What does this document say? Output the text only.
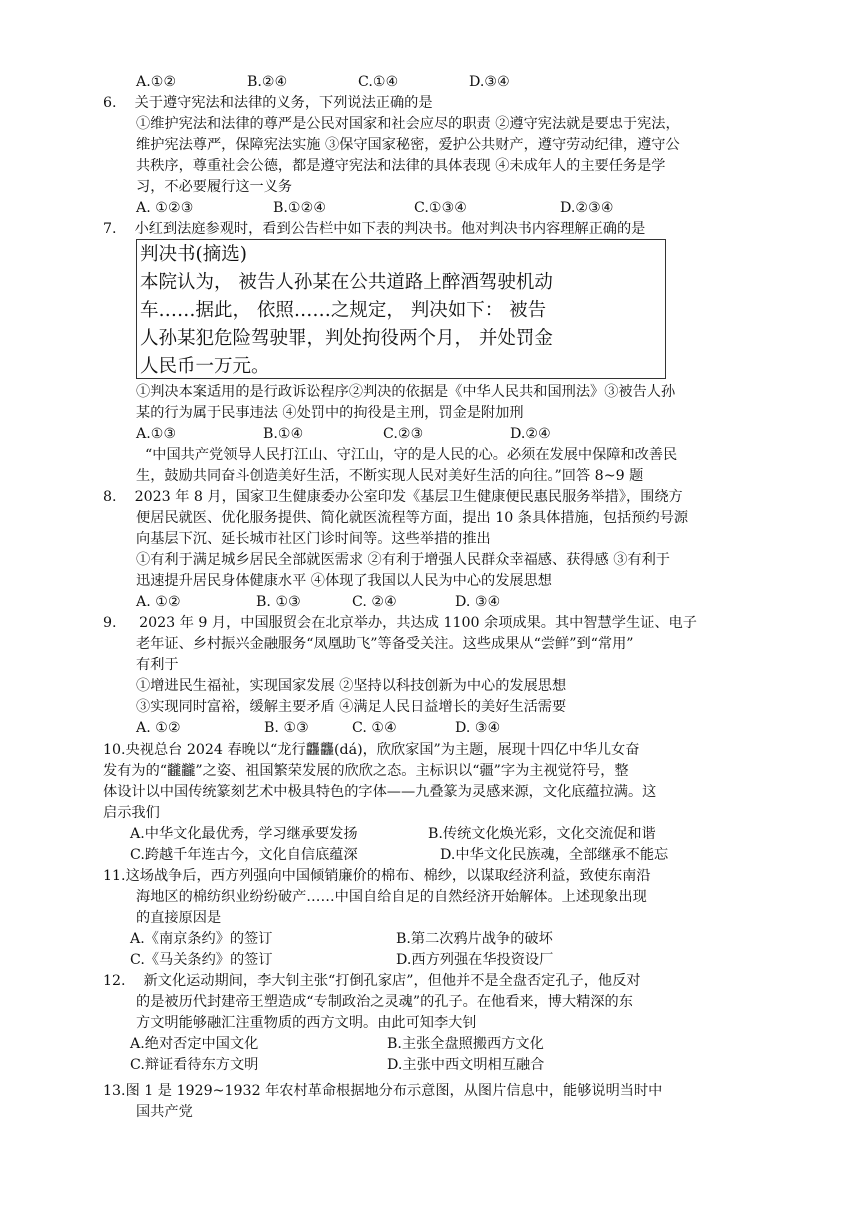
A.①②	B.②④	C.①④	D.③④
6.    关于遵守宪法和法律的义务，下列说法正确的是
①维护宪法和法律的尊严是公民对国家和社会应尽的职责 ②遵守宪法就是要忠于宪法，
维护宪法尊严，保障宪法实施 ③保守国家秘密，爱护公共财产，遵守劳动纪律，遵守公
共秩序，尊重社会公德，都是遵守宪法和法律的具体表现 ④未成年人的主要任务是学
习，不必要履行这一义务
A. ①②③	B.①②④	C.①③④	D.②③④
7.    小红到法庭参观时，看到公告栏中如下表的判决书。他对判决书内容理解正确的是
判决书(摘选)
本院认为， 被告人孙某在公共道路上醉酒驾驶机动
车……据此， 依照……之规定， 判决如下： 被告
人孙某犯危险驾驶罪，判处拘役两个月， 并处罚金
人民币一万元。
①判决本案适用的是行政诉讼程序②判决的依据是《中华人民共和国刑法》③被告人孙
某的行为属于民事违法 ④处罚中的拘役是主刑，罚金是附加刑
A.①③	B.①④	C.②③	D.②④
“中国共产党领导人民打江山、守江山，守的是人民的心。必须在发展中保障和改善民
生，鼓励共同奋斗创造美好生活，不断实现人民对美好生活的向往。”回答 8~9 题
8.    2023 年 8 月，国家卫生健康委办公室印发《基层卫生健康便民惠民服务举措》，围绕方
便居民就医、优化服务提供、简化就医流程等方面，提出 10 条具体措施，包括预约号源
向基层下沉、延长城市社区门诊时间等。这些举措的推出
①有利于满足城乡居民全部就医需求 ②有利于增强人民群众幸福感、获得感 ③有利于
迅速提升居民身体健康水平 ④体现了我国以人民为中心的发展思想
A. ①②	B. ①③	C. ②④	D. ③④
9.     2023 年 9 月，中国服贸会在北京举办，共达成 1100 余项成果。其中智慧学生证、电子
老年证、乡村振兴金融服务“凤凰助飞”等备受关注。这些成果从“尝鲜”到“常用”
有利于
①增进民生福祉，实现国家发展 ②坚持以科技创新为中心的发展思想
③实现同时富裕，缓解主要矛盾 ④满足人民日益增长的美好生活需要
A. ①②	B. ①③	C. ①④	D. ③④
10.央视总台 2024 春晚以“龙行龘龘(dá)，欣欣家国”为主题，展现十四亿中华儿女奋
发有为的“龖龖”之姿、祖国繁荣发展的欣欣之态。主标识以“疆”字为主视觉符号，整
体设计以中国传统篆刻艺术中极具特色的字体——九叠篆为灵感来源，文化底蕴拉满。这
启示我们
A.中华文化最优秀，学习继承要发扬	B.传统文化焕光彩，文化交流促和谐
C.跨越千年连古今，文化自信底蕴深	D.中华文化民族魂，全部继承不能忘
11.这场战争后，西方列强向中国倾销廉价的棉布、棉纱，以谋取经济利益，致使东南沿
海地区的棉纺织业纷纷破产……中国自给自足的自然经济开始解体。上述现象出现
的直接原因是
A.《南京条约》的签订	B.第二次鸦片战争的破坏
C.《马关条约》的签订	D.西方列强在华投资设厂
12.    新文化运动期间，李大钊主张“打倒孔家店”，但他并不是全盘否定孔子，他反对
的是被历代封建帝王塑造成“专制政治之灵魂”的孔子。在他看来，博大精深的东
方文明能够融汇注重物质的西方文明。由此可知李大钊
A.绝对否定中国文化	B.主张全盘照搬西方文化
C.辩证看待东方文明	D.主张中西文明相互融合
13.图 1 是 1929~1932 年农村革命根据地分布示意图，从图片信息中，能够说明当时中
国共产党
